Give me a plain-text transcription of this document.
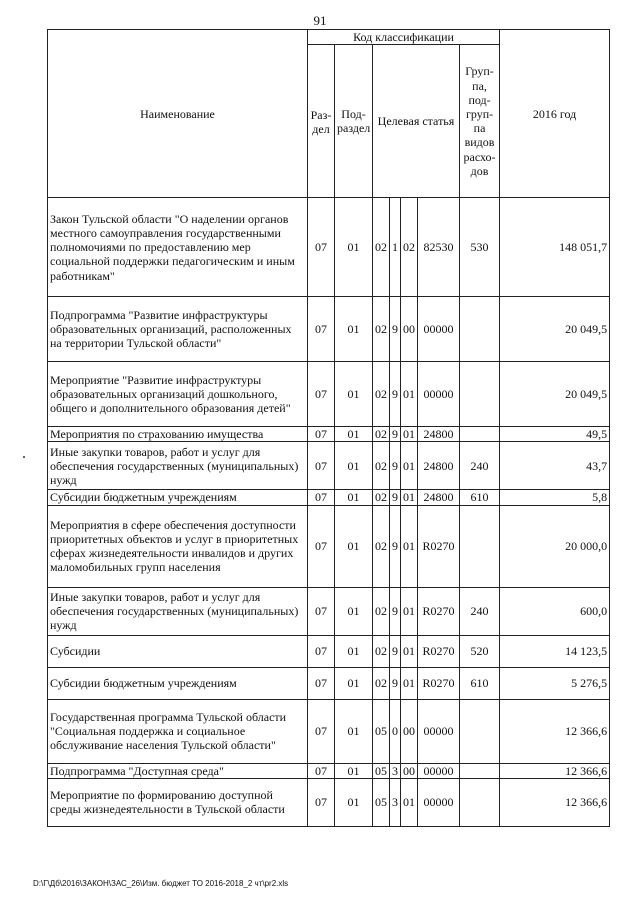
91
Наименование	Код классификации							2016 год
	Раз-дел	Под-раздел	Целевая статья				Груп-па, под-груп-па видов расхо-дов	
Закон Тульской области "О наделении органов местного самоуправления государственными полномочиями по предоставлению мер социальной поддержки педагогическим и иным работникам"	07	01	02	1	02	82530	530	148 051,7
Подпрограмма "Развитие инфраструктуры образовательных организаций, расположенных на территории Тульской области"	07	01	02	9	00	00000		20 049,5
Мероприятие "Развитие инфраструктуры образовательных организаций дошкольного, общего и дополнительного образования детей"	07	01	02	9	01	00000		20 049,5
Мероприятия по страхованию имущества	07	01	02	9	01	24800		49,5
Иные закупки товаров, работ и услуг для обеспечения государственных (муниципальных) нужд	07	01	02	9	01	24800	240	43,7
Субсидии бюджетным учреждениям	07	01	02	9	01	24800	610	5,8
Мероприятия в сфере обеспечения доступности приоритетных объектов и услуг в приоритетных сферах жизнедеятельности инвалидов и других маломобильных групп населения	07	01	02	9	01	R0270		20 000,0
Иные закупки товаров, работ и услуг для обеспечения государственных (муниципальных) нужд	07	01	02	9	01	R0270	240	600,0
Субсидии	07	01	02	9	01	R0270	520	14 123,5
Субсидии бюджетным учреждениям	07	01	02	9	01	R0270	610	5 276,5
Государственная программа Тульской области "Социальная поддержка и социальное обслуживание населения Тульской области"	07	01	05	0	00	00000		12 366,6
Подпрограмма "Доступная среда"	07	01	05	3	00	00000		12 366,6
Мероприятие по формированию доступной среды жизнедеятельности в Тульской области	07	01	05	3	01	00000		12 366,6
D:\Г\Дб\2016\ЗАКОН\ЗАС_26\Изм. бюджет ТО 2016-2018_2 чт\pr2.xls
